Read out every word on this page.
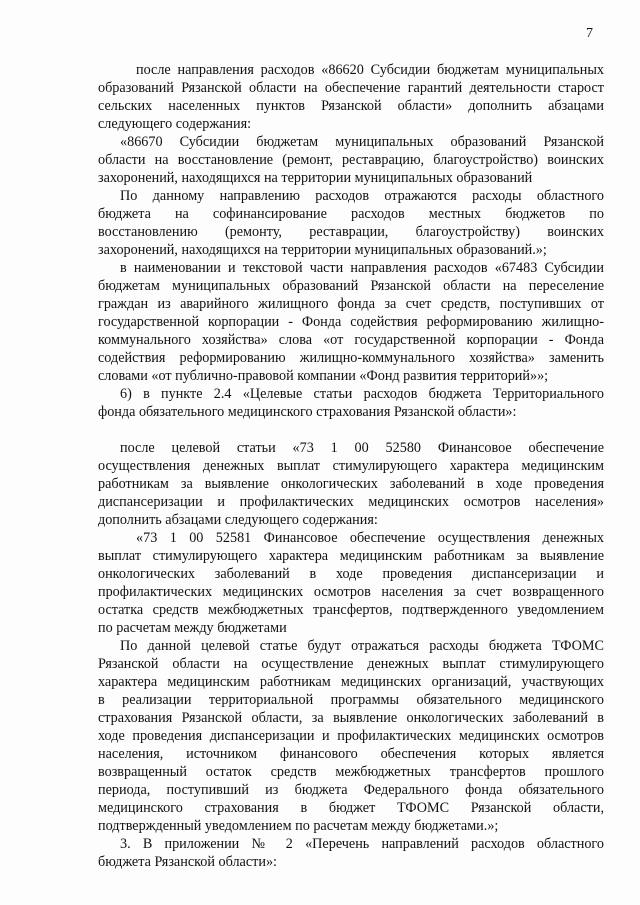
7
после направления расходов «86620 Субсидии бюджетам муниципальных
образований Рязанской области на обеспечение гарантий деятельности старост
сельских населенных пунктов Рязанской области» дополнить абзацами
следующего содержания:
«86670 Субсидии бюджетам муниципальных образований Рязанской
области на восстановление (ремонт, реставрацию, благоустройство) воинских
захоронений, находящихся на территории муниципальных образований
По данному направлению расходов отражаются расходы областного
бюджета на софинансирование расходов местных бюджетов по
восстановлению (ремонту, реставрации, благоустройству) воинских
захоронений, находящихся на территории муниципальных образований.»;
в наименовании и текстовой части направления расходов «67483 Субсидии
бюджетам муниципальных образований Рязанской области на переселение
граждан из аварийного жилищного фонда за счет средств, поступивших от
государственной корпорации - Фонда содействия реформированию жилищно-
коммунального хозяйства» слова «от государственной корпорации - Фонда
содействия реформированию жилищно-коммунального хозяйства» заменить
словами «от публично-правовой компании «Фонд развития территорий»»;
6) в пункте 2.4 «Целевые статьи расходов бюджета Территориального
фонда обязательного медицинского страхования Рязанской области»:
после целевой статьи «73 1 00 52580 Финансовое обеспечение
осуществления денежных выплат стимулирующего характера медицинским
работникам за выявление онкологических заболеваний в ходе проведения
диспансеризации и профилактических медицинских осмотров населения»
дополнить абзацами следующего содержания:
«73 1 00 52581 Финансовое обеспечение осуществления денежных
выплат стимулирующего характера медицинским работникам за выявление
онкологических заболеваний в ходе проведения диспансеризации и
профилактических медицинских осмотров населения за счет возвращенного
остатка средств межбюджетных трансфертов, подтвержденного уведомлением
по расчетам между бюджетами
По данной целевой статье будут отражаться расходы бюджета ТФОМС
Рязанской области на осуществление денежных выплат стимулирующего
характера медицинским работникам медицинских организаций, участвующих
в реализации территориальной программы обязательного медицинского
страхования Рязанской области, за выявление онкологических заболеваний в
ходе проведения диспансеризации и профилактических медицинских осмотров
населения, источником финансового обеспечения которых является
возвращенный остаток средств межбюджетных трансфертов прошлого
периода, поступивший из бюджета Федерального фонда обязательного
медицинского страхования в бюджет ТФОМС Рязанской области,
подтвержденный уведомлением по расчетам между бюджетами.»;
3. В приложении № 2 «Перечень направлений расходов областного
бюджета Рязанской области»:
